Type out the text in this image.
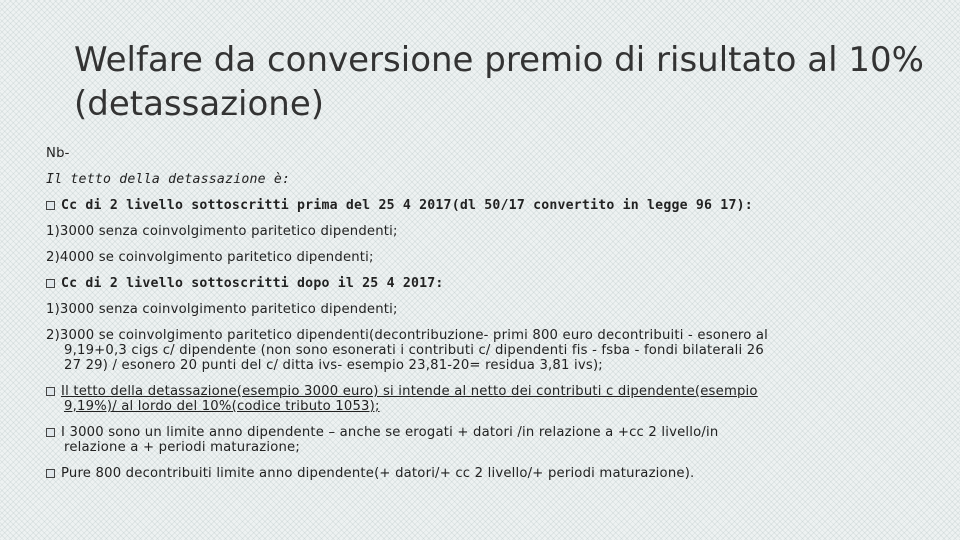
Welfare da conversione premio di risultato al 10%(detassazione)
Nb-
Il tetto della detassazione è:
Cc di 2 livello sottoscritti prima del 25 4 2017(dl 50/17 convertito in legge 96 17):
1)3000 senza coinvolgimento paritetico dipendenti;
2)4000 se coinvolgimento paritetico dipendenti;
Cc di 2 livello sottoscritti dopo il 25 4 2017:
1)3000 senza coinvolgimento paritetico dipendenti;
2)3000 se coinvolgimento paritetico dipendenti(decontribuzione- primi 800 euro decontribuiti - esonero al
9,19+0,3 cigs c/ dipendente (non sono esonerati i contributi c/ dipendenti fis - fsba - fondi bilaterali 26
27 29) / esonero 20 punti del c/ ditta ivs- esempio 23,81-20= residua 3,81 ivs);
Il tetto della detassazione(esempio 3000 euro) si intende al netto dei contributi c dipendente(esempio
9,19%)/ al lordo del 10%(codice tributo 1053);
I 3000 sono un limite anno dipendente – anche se erogati + datori /in relazione a +cc 2 livello/in
relazione a + periodi maturazione;
Pure 800 decontribuiti limite anno dipendente(+ datori/+ cc 2 livello/+ periodi maturazione).
